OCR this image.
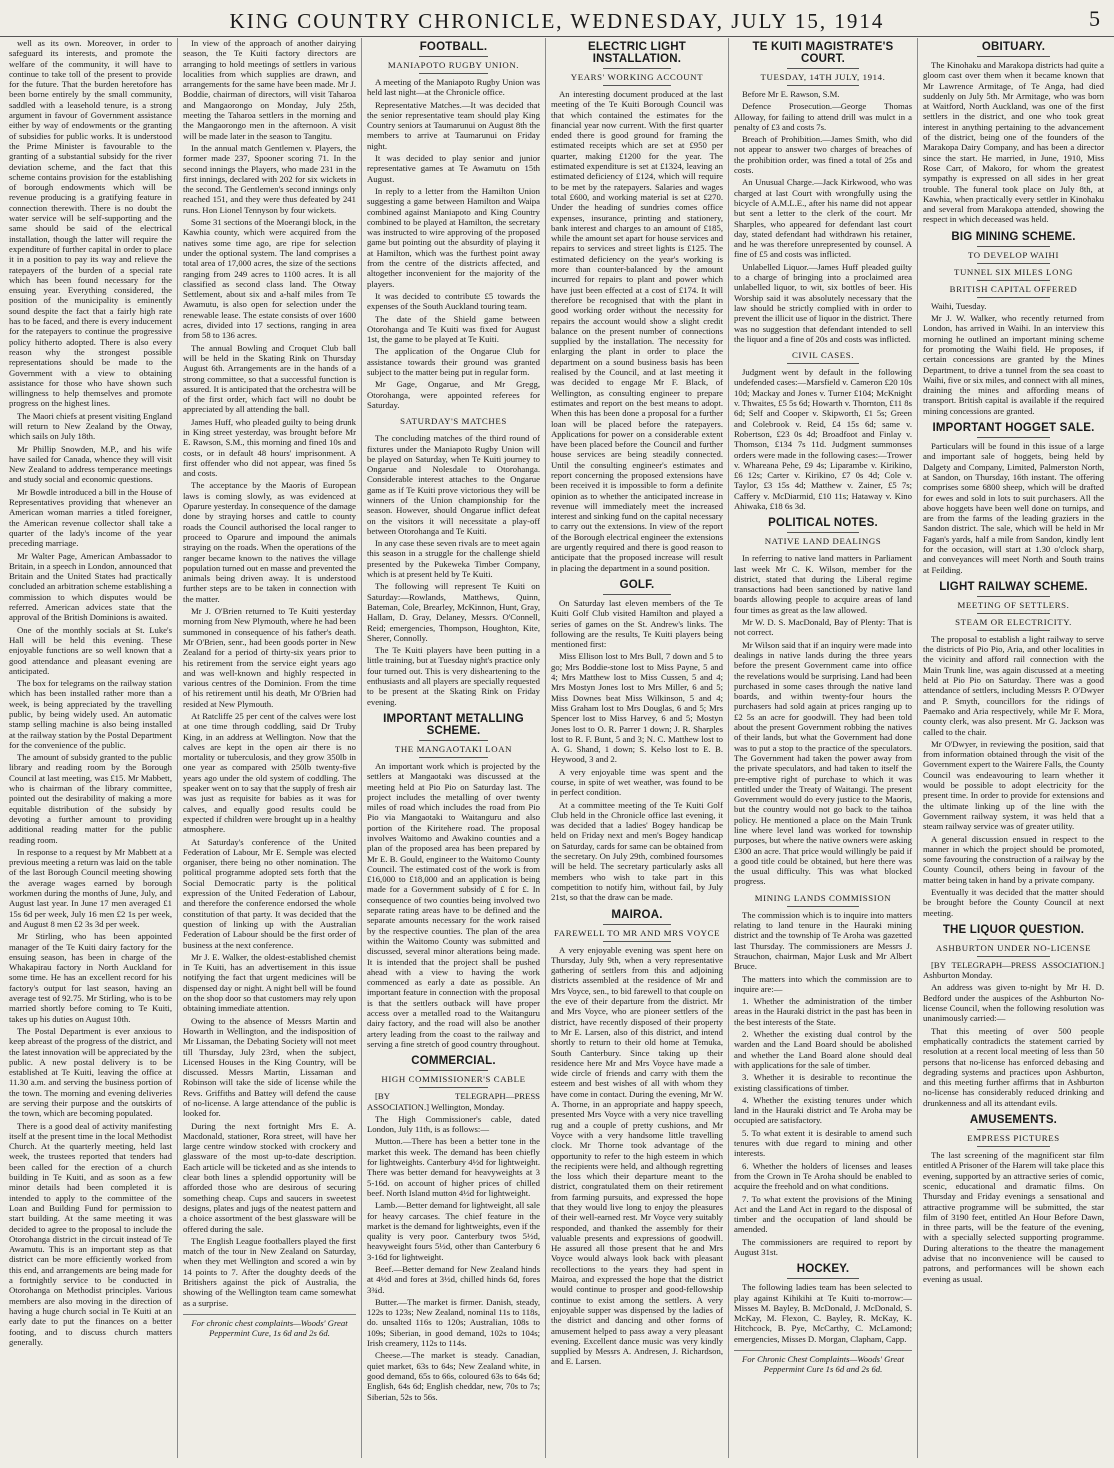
KING COUNTRY CHRONICLE, WEDNESDAY, JULY 15, 1914	5

well as its own. Moreover, in order to safeguard its interests, and promote the welfare of the community, it will have to continue to take toll of the present to provide for the future. That the burden heretofore has been borne entirely by the small community, saddled with a leasehold tenure, is a strong argument in favour of Government assistance either by way of endowments or the granting of subsidies for public works. It is understood the Prime Minister is favourable to the granting of a substantial subsidy for the river deviation scheme, and the fact that this scheme contains provision for the establishing of borough endowments which will be revenue producing is a gratifying feature in connection therewith. There is no doubt the water service will be self-supporting and the same should be said of the electrical installation, though the latter will require the expenditure of further capital in order to place it in a position to pay its way and relieve the ratepayers of the burden of a special rate which has been found necessary for the ensuing year. Everything considered, the position of the municipality is eminently sound despite the fact that a fairly high rate has to be faced, and there is every inducement for the ratepayers to continue the progressive policy hitherto adopted. There is also every reason why the strongest possible representations should be made to the Government with a view to obtaining assistance for those who have shown such willingness to help themselves and promote progress on the highest lines.

The Maori chiefs at present visiting England will return to New Zealand by the Otway, which sails on July 18th.

Mr Phillip Snowden, M.P., and his wife have sailed for Canada, whence they will visit New Zealand to address temperance meetings and study social and economic questions.

Mr Bowdle introduced a bill in the House of Representatives providing that whenever an American woman marries a titled foreigner, the American revenue collector shall take a quarter of the lady's income of the year preceding marriage.

Mr Walter Page, American Ambassador to Britain, in a speech in London, announced that Britain and the United States had practically concluded an arbitration scheme establishing a commission to which disputes would be referred. American advices state that the approval of the British Dominions is awaited.

One of the monthly socials at St. Luke's Hall will be held this evening. These enjoyable functions are so well known that a good attendance and pleasant evening are anticipated.

The box for telegrams on the railway station which has been installed rather more than a week, is being appreciated by the travelling public, by being widely used. An automatic stamp selling machine is also being installed at the railway station by the Postal Department for the convenience of the public.

The amount of subsidy granted to the public library and reading room by the Borough Council at last meeting, was £15. Mr Mabbett, who is chairman of the library committee, pointed out the desirability of making a more equitable distribution of the subsidy by devoting a further amount to providing additional reading matter for the public reading room.

In response to a request by Mr Mabbett at a previous meeting a return was laid on the table of the last Borough Council meeting showing the average wages earned by borough workmen during the months of June, July, and August last year. In June 17 men averaged £1 15s 6d per week, July 16 men £2 1s per week, and August 8 men £2 3s 3d per week.

Mr Stirling, who has been appointed manager of the Te Kuiti dairy factory for the ensuing season, has been in charge of the Whakapirau factory in North Auckland for some time. He has an excellent record for his factory's output for last season, having an average test of 92.75. Mr Stirling, who is to be married shortly before coming to Te Kuiti, takes up his duties on August 10th.

The Postal Department is ever anxious to keep abreast of the progress of the district, and the latest innovation will be appreciated by the public. A new postal delivery is to be established at Te Kuiti, leaving the office at 11.30 a.m. and serving the business portion of the town. The morning and evening deliveries are serving their purpose and the outskirts of the town, which are becoming populated.

There is a good deal of activity manifesting itself at the present time in the local Methodist Church. At the quarterly meeting, held last week, the trustees reported that tenders had been called for the erection of a church building in Te Kuiti, and as soon as a few minor details had been completed it is intended to apply to the committee of the Loan and Building Fund for permission to start building. At the same meeting it was decided to agree to the proposal to include the Otorohanga district in the circuit instead of Te Awamutu. This is an important step as that district can be more efficiently worked from this end, and arrangements are being made for a fortnightly service to be conducted in Otorohanga on Methodist principles. Various members are also moving in the direction of having a huge church social in Te Kuiti at an early date to put the finances on a better footing, and to discuss church matters generally.

In view of the approach of another dairying season, the Te Kuiti factory directors are arranging to hold meetings of settlers in various localities from which supplies are drawn, and arrangements for the same have been made. Mr J. Boddie, chairman of directors, will visit Taharoa and Mangaorongo on Monday, July 25th, meeting the Taharoa settlers in the morning and the Mangaorongo men in the afternoon. A visit will be made later in the season to Tangitu.

In the annual match Gentlemen v. Players, the former made 237, Spooner scoring 71. In the second innings the Players, who made 231 in the first innings, declared with 202 for six wickets in the second. The Gentlemen's second innings only reached 151, and they were thus defeated by 241 runs. Hon Lionel Tennyson by four wickets.

Some 31 sections of the Moerangi block, in the Kawhia county, which were acquired from the natives some time ago, are ripe for selection under the optional system. The land comprises a total area of 17,000 acres, the size of the sections ranging from 249 acres to 1100 acres. It is all classified as second class land. The Otway Settlement, about six and a-half miles from Te Awamutu, is also open for selection under the renewable lease. The estate consists of over 1600 acres, divided into 17 sections, ranging in area from 58 to 136 acres.

The annual Bowling and Croquet Club ball will be held in the Skating Rink on Thursday August 6th. Arrangements are in the hands of a strong committee, so that a successful function is assured. It is anticipated that the orchestra will be of the first order, which fact will no doubt be appreciated by all attending the ball.

James Huff, who pleaded guilty to being drunk in King street yesterday, was brought before Mr E. Rawson, S.M., this morning and fined 10s and costs, or in default 48 hours' imprisonment. A first offender who did not appear, was fined 5s and costs.

The acceptance by the Maoris of European laws is coming slowly, as was evidenced at Oparure yesterday. In consequence of the damage done by straying horses and cattle to county roads the Council authorised the local ranger to proceed to Oparure and impound the animals straying on the roads. When the operations of the ranger became known to the natives the village population turned out en masse and prevented the animals being driven away. It is understood further steps are to be taken in connection with the matter.

Mr J. O'Brien returned to Te Kuiti yesterday morning from New Plymouth, where he had been summoned in consequence of his father's death. Mr O'Brien, senr., had been goods porter in New Zealand for a period of thirty-six years prior to his retirement from the service eight years ago and was well-known and highly respected in various centres of the Dominion. From the time of his retirement until his death, Mr O'Brien had resided at New Plymouth.

At Ratcliffe 25 per cent of the calves were lost at one time through coddling, said Dr Truby King, in an address at Wellington. Now that the calves are kept in the open air there is no mortality or tuberculosis, and they grow 350lb in one year as compared with 250lb twenty-five years ago under the old system of coddling. The speaker went on to say that the supply of fresh air was just as requisite for babies as it was for calves, and equally good results could be expected if children were brought up in a healthy atmosphere.

At Saturday's conference of the United Federation of Labour, Mr E. Semple was elected organiser, there being no other nomination. The political programme adopted sets forth that the Social Democratic party is the political expression of the United Federation of Labour, and therefore the conference endorsed the whole constitution of that party. It was decided that the question of linking up with the Australian Federation of Labour should be the first order of business at the next conference.

Mr J. E. Walker, the oldest-established chemist in Te Kuiti, has an advertisement in this issue notifying the fact that urgent medicines will be dispensed day or night. A night bell will be found on the shop door so that customers may rely upon obtaining immediate attention.

Owing to the absence of Messrs Martin and Howarth in Wellington, and the indisposition of Mr Lissaman, the Debating Society will not meet till Thursday, July 23rd, when the subject, Licensed Houses in the King Country, will be discussed. Messrs Martin, Lissaman and Robinson will take the side of license while the Revs. Griffiths and Battey will defend the cause of no-license. A large attendance of the public is looked for.

During the next fortnight Mrs E. A. Macdonald, stationer, Rora street, will have her large centre window stocked with crockery and glassware of the most up-to-date description. Each article will be ticketed and as she intends to clear both lines a splendid opportunity will be afforded those who are desirous of securing something cheap. Cups and saucers in sweetest designs, plates and jugs of the neatest pattern and a choice assortment of the best glassware will be offered during the sale.

The English League footballers played the first match of the tour in New Zealand on Saturday, when they met Wellington and scored a win by 14 points to 7. After the doughty deeds of the Britishers against the pick of Australia, the showing of the Wellington team came somewhat as a surprise.

For chronic chest complaints—Woods' Great Peppermint Cure, 1s 6d and 2s 6d.
FOOTBALL.
MANIAPOTO RUGBY UNION.

A meeting of the Maniapoto Rugby Union was held last night—at the Chronicle office.

Representative Matches.—It was decided that the senior representative team should play King Country seniors at Taumarunui on August 8th the members to arrive at Taumarunui on Friday night.

It was decided to play senior and junior representative games at Te Awamutu on 15th August.

In reply to a letter from the Hamilton Union suggesting a game between Hamilton and Waipa combined against Maniapoto and King Country combined to be played at Hamilton, the secretary was instructed to wire approving of the proposed game but pointing out the absurdity of playing it at Hamilton, which was the furthest point away from the centre of the districts affected, and altogether inconvenient for the majority of the players.

It was decided to contribute £5 towards the expenses of the South Auckland touring team.

The date of the Shield game between Otorohanga and Te Kuiti was fixed for August 1st, the game to be played at Te Kuiti.

The application of the Ongarue Club for assistance towards their ground was granted subject to the matter being put in regular form.

Mr Gage, Ongarue, and Mr Gregg, Otorohanga, were appointed referees for Saturday.

SATURDAY'S MATCHES

The concluding matches of the third round of fixtures under the Maniapoto Rugby Union will be played on Saturday, when Te Kuiti journey to Ongarue and Nolesdale to Otorohanga. Considerable interest attaches to the Ongarue game as if Te Kuiti prove victorious they will be winners of the Union championship for the season. However, should Ongarue inflict defeat on the visitors it will necessitate a play-off between Otorohanga and Te Kuiti.

In any case these seven rivals are to meet again this season in a struggle for the challenge shield presented by the Pukeweka Timber Company, which is at present held by Te Kuiti.

The following will represent Te Kuiti on Saturday:—Rowlands, Matthews, Quinn, Bateman, Cole, Brearley, McKinnon, Hunt, Gray, Hallam, D. Gray, Delaney, Messrs. O'Connell, Reid; emergencies, Thompson, Houghton, Kite, Sherer, Connolly.

The Te Kuiti players have been putting in a little training, but at Tuesday night's practice only four turned out. This is very disheartening to the enthusiasts and all players are specially requested to be present at the Skating Rink on Friday evening.

IMPORTANT METALLING SCHEME.
THE MANGAOTAKI LOAN

An important work which is projected by the settlers at Mangaotaki was discussed at the meeting held at Pio Pio on Saturday last. The project includes the metalling of over twenty miles of road which includes the road from Pio Pio via Mangaotaki to Waitanguru and also portion of the Kiritehere road. The proposal involves Waitomo and Awakino counties and a plan of the proposed area has been prepared by Mr E. B. Gould, engineer to the Waitomo County Council. The estimated cost of the work is from £16,000 to £18,000 and an application is being made for a Government subsidy of £ for £. In consequence of two counties being involved two separate rating areas have to be defined and the separate amounts necessary for the work raised by the respective counties. The plan of the area within the Waitomo County was submitted and discussed, several minor alterations being made. It is intended that the project shall be pushed ahead with a view to having the work commenced as early a date as possible. An important feature in connection with the proposal is that the settlers outback will have proper access over a metalled road to the Waitanguru dairy factory, and the road will also be another artery leading from the coast to the railway and serving a fine stretch of good country throughout.

COMMERCIAL.
HIGH COMMISSIONER'S CABLE

[BY TELEGRAPH—PRESS ASSOCIATION.] Wellington, Monday.

The High Commissioner's cable, dated London, July 11th, is as follows:—

Mutton.—There has been a better tone in the market this week. The demand has been chiefly for lightweights. Canterbury 4½d for lightweight. There was better demand for heavyweights at 3 5-16d. on account of higher prices of chilled beef. North Island mutton 4½d for lightweight.

Lamb.—Better demand for lightweight, all sale for heavy carcases. The chief feature in the market is the demand for lightweights, even if the quality is very poor. Canterbury twos 5½d, heavyweight fours 5½d, other than Canterbury 6 3-16d for lightweight.

Beef.—Better demand for New Zealand hinds at 4½d and fores at 3½d, chilled hinds 6d, fores 3¾d.

Butter.—The market is firmer. Danish, steady, 122s to 123s; New Zealand, nominal 11s to 118s, do. unsalted 116s to 120s; Australian, 108s to 109s; Siberian, in good demand, 102s to 104s; Irish creamery, 112s to 114s.

Cheese.—The market is steady. Canadian, quiet market, 63s to 64s; New Zealand white, in good demand, 65s to 66s, coloured 63s to 64s 6d; English, 64s 6d; English cheddar, new, 70s to 7s; Siberian, 52s to 56s.

ELECTRIC LIGHT INSTALLATION.
YEARS' WORKING ACCOUNT

An interesting document produced at the last meeting of the Te Kuiti Borough Council was that which contained the estimates for the financial year now current. With the first quarter ended there is good ground for framing the estimated receipts which are set at £950 per quarter, making £1200 for the year. The estimated expenditure is set at £1324, leaving an estimated deficiency of £124, which will require to be met by the ratepayers. Salaries and wages total £600, and working material is set at £270. Under the heading of sundries comes office expenses, insurance, printing and stationery, bank interest and charges to an amount of £185, while the amount set apart for house services and repairs to services and street lights is £125. The estimated deficiency on the year's working is more than counter-balanced by the amount incurred for repairs to plant and power which have just been effected at a cost of £174. It will therefore be recognised that with the plant in good working order without the necessity for repairs the account would show a slight credit balance on the present number of connections supplied by the installation. The necessity for enlarging the plant in order to place the department on a sound business basis has been realised by the Council, and at last meeting it was decided to engage Mr F. Black, of Wellington, as consulting engineer to prepare estimates and report on the best means to adopt. When this has been done a proposal for a further loan will be placed before the ratepayers. Applications for power on a considerable extent have been placed before the Council and further house services are being steadily connected. Until the consulting engineer's estimates and report concerning the proposed extensions have been received it is impossible to form a definite opinion as to whether the anticipated increase in revenue will immediately meet the increased interest and sinking fund on the capital necessary to carry out the extensions. In view of the report of the Borough electrical engineer the extensions are urgently required and there is good reason to anticipate that the proposed increase will result in placing the department in a sound position.

GOLF.

On Saturday last eleven members of the Te Kuiti Golf Club visited Hamilton and played a series of games on the St. Andrew's links. The following are the results, Te Kuiti players being mentioned first:

Miss Ellison lost to Mrs Bull, 7 down and 5 to go; Mrs Boddie-stone lost to Miss Payne, 5 and 4; Mrs Matthew lost to Miss Cussen, 5 and 4; Mrs Mostyn Jones lost to Mrs Miller, 6 and 5; Miss Downes beat Miss Wilkinson, 5 and 4; Miss Graham lost to Mrs Douglas, 6 and 5; Mrs Spencer lost to Miss Harvey, 6 and 5; Mostyn Jones lost to O. R. Parrer 1 down; J. R. Sharples lost to R. F. Bunt, 5 and 3; N. C. Matthew lost to A. G. Shand, 1 down; S. Kelso lost to E. B. Heywood, 3 and 2.

A very enjoyable time was spent and the course, in spite of wet weather, was found to be in perfect condition.

At a committee meeting of the Te Kuiti Golf Club held in the Chronicle office last evening, it was decided that a ladies' Bogey handicap be held on Friday next and men's Bogey handicap on Saturday, cards for same can be obtained from the secretary. On July 29th, combined foursomes will be held. The secretary particularly asks all members who wish to take part in this competition to notify him, without fail, by July 21st, so that the draw can be made.

MAIROA.
FAREWELL TO MR AND MRS VOYCE

A very enjoyable evening was spent here on Thursday, July 9th, when a very representative gathering of settlers from this and adjoining districts assembled at the residence of Mr and Mrs Voyce, sen., to bid farewell to that couple on the eve of their departure from the district. Mr and Mrs Voyce, who are pioneer settlers of the district, have recently disposed of their property to Mr E. Larsen, also of this district, and intend shortly to return to their old home at Temuka, South Canterbury. Since taking up their residence here Mr and Mrs Voyce have made a wide circle of friends and carry with them the esteem and best wishes of all with whom they have come in contact. During the evening, Mr W. A. Thorne, in an appropriate and happy speech, presented Mrs Voyce with a very nice travelling rug and a couple of pretty cushions, and Mr Voyce with a very handsome little travelling clock. Mr Thorne took advantage of the opportunity to refer to the high esteem in which the recipients were held, and although regretting the loss which their departure meant to the district, congratulated them on their retirement from farming pursuits, and expressed the hope that they would live long to enjoy the pleasures of their well-earned rest. Mr Voyce very suitably responded, and thanked the assembly for their valuable presents and expressions of goodwill. He assured all those present that he and Mrs Voyce would always look back with pleasant recollections to the years they had spent in Mairoa, and expressed the hope that the district would continue to prosper and good-fellowship continue to exist among the settlers. A very enjoyable supper was dispensed by the ladies of the district and dancing and other forms of amusement helped to pass away a very pleasant evening. Excellent dance music was very kindly supplied by Messrs A. Andresen, J. Richardson, and E. Larsen.

TE KUITI MAGISTRATE'S COURT.
TUESDAY, 14TH JULY, 1914.

Before Mr E. Rawson, S.M.

Defence Prosecution.—George Thomas Alloway, for failing to attend drill was mulct in a penalty of £3 and costs 7s.

Breach of Prohibition.—James Smith, who did not appear to answer two charges of breaches of the prohibition order, was fined a total of 25s and costs.

An Unusual Charge.—Jack Kirkwood, who was charged at last Court with wrongfully using the bicycle of A.M.L.E., after his name did not appear but sent a letter to the clerk of the court. Mr Sharples, who appeared for defendant last court day, stated defendant had withdrawn his retainer, and he was therefore unrepresented by counsel. A fine of £5 and costs was inflicted.

Unlabelled Liquor.—James Huff pleaded guilty to a charge of bringing into a proclaimed area unlabelled liquor, to wit, six bottles of beer. His Worship said it was absolutely necessary that the law should be strictly complied with in order to prevent the illicit use of liquor in the district. There was no suggestion that defendant intended to sell the liquor and a fine of 20s and costs was inflicted.

CIVIL CASES.

Judgment went by default in the following undefended cases:—Marsfield v. Cameron £20 10s 10d; Mackay and Jones v. Turner £104; McKnight v. Thwaites, £5 5s 6d; Howarth v. Thornton, £11 8s 6d; Self and Cooper v. Skipworth, £1 5s; Green and Colebrook v. Reid, £4 15s 6d; same v. Robertson, £23 0s 4d; Broadfoot and Finlay v. Thomson, £134 7s 11d. Judgment summonses orders were made in the following cases:—Trower v. Whareana Pehe, £9 4s; Liparambe v. Kirikino, £6 12s; Carter v. Kirikino, £7 0s 4d; Cole v. Taylor, £3 15s 4d; Matthew v. Zainer, £5 7s; Caffery v. McDiarmid, £10 11s; Hataway v. Kino Ahiwaka, £18 6s 3d.

POLITICAL NOTES.
NATIVE LAND DEALINGS

In referring to native land matters in Parliament last week Mr C. K. Wilson, member for the district, stated that during the Liberal regime transactions had been sanctioned by native land boards allowing people to acquire areas of land four times as great as the law allowed.

Mr W. D. S. MacDonald, Bay of Plenty: That is not correct.

Mr Wilson said that if an inquiry were made into dealings in native lands during the three years before the present Government came into office the revelations would be surprising. Land had been purchased in some cases through the native land boards, and within twenty-four hours the purchasers had sold again at prices ranging up to £2 5s an acre for goodwill. They had been told about the present Government robbing the natives of their lands, but what the Government had done was to put a stop to the practice of the speculators. The Government had taken the power away from the private speculators, and had taken to itself the pre-emptive right of purchase to which it was entitled under the Treaty of Waitangi. The present Government would do every justice to the Maoris, but the country would not go back to the taihoa policy. He mentioned a place on the Main Trunk line where level land was worked for township purposes, but where the native owners were asking £300 an acre. That price would willingly be paid if a good title could be obtained, but here there was the usual difficulty. This was what blocked progress.

MINING LANDS COMMISSION

The commission which is to inquire into matters relating to land tenure in the Hauraki mining district and the township of Te Aroha was gazetted last Thursday. The commissioners are Messrs J. Strauchon, chairman, Major Lusk and Mr Albert Bruce.

The matters into which the commission are to inquire are:—

1. Whether the administration of the timber areas in the Hauraki district in the past has been in the best interests of the State.

2. Whether the existing dual control by the warden and the Land Board should be abolished and whether the Land Board alone should deal with applications for the sale of timber.

3. Whether it is desirable to recontinue the existing classifications of timber.

4. Whether the existing tenures under which land in the Hauraki district and Te Aroha may be occupied are satisfactory.

5. To what extent it is desirable to amend such tenures with due regard to mining and other interests.

6. Whether the holders of licenses and leases from the Crown in Te Aroha should be enabled to acquire the freehold and on what conditions.

7. To what extent the provisions of the Mining Act and the Land Act in regard to the disposal of timber and the occupation of land should be amended.

The commissioners are required to report by August 31st.

HOCKEY.

The following ladies team has been selected to play against Kihikihi at Te Kuiti to-morrow:—Misses M. Bayley, B. McDonald, J. McDonald, S. McKay, M. Flexon, C. Bayley, R. McKay, K. Hitchcock, B. Pye, McCarthy, C. McLamond; emergencies, Misses D. Morgan, Clapham, Capp.

For Chronic Chest Complaints—Woods' Great Peppermint Cure 1s 6d and 2s 6d.
OBITUARY.

The Kinohaku and Marakopa districts had quite a gloom cast over them when it became known that Mr Lawrence Armitage, of Te Anga, had died suddenly on July 5th. Mr Armitage, who was born at Waitford, North Auckland, was one of the first settlers in the district, and one who took great interest in anything pertaining to the advancement of the district, being one of the founders of the Marakopa Dairy Company, and has been a director since the start. He married, in June, 1910, Miss Rose Carr, of Makoro, for whom the greatest sympathy is expressed on all sides in her great trouble. The funeral took place on July 8th, at Kawhia, when practically every settler in Kinohaku and several from Marakopa attended, showing the respect in which deceased was held.

BIG MINING SCHEME.
TO DEVELOP WAIHI
TUNNEL SIX MILES LONG
BRITISH CAPITAL OFFERED

Waihi, Tuesday.

Mr J. W. Walker, who recently returned from London, has arrived in Waihi. In an interview this morning he outlined an important mining scheme for promoting the Waihi field. He proposes, if certain concessions are granted by the Mines Department, to drive a tunnel from the sea coast to Waihi, five or six miles, and connect with all mines, draining the mines and affording means of transport. British capital is available if the required mining concessions are granted.

IMPORTANT HOGGET SALE.

Particulars will be found in this issue of a large and important sale of hoggets, being held by Dalgety and Company, Limited, Palmerston North, at Sandon, on Thursday, 16th instant. The offering comprises some 6800 sheep, which will be drafted for ewes and sold in lots to suit purchasers. All the above hoggets have been well done on turnips, and are from the farms of the leading graziers in the Sandon district. The sale, which will be held in Mr Fagan's yards, half a mile from Sandon, kindly lent for the occasion, will start at 1.30 o'clock sharp, and conveyances will meet North and South trains at Feilding.

LIGHT RAILWAY SCHEME.
MEETING OF SETTLERS.
STEAM OR ELECTRICITY.

The proposal to establish a light railway to serve the districts of Pio Pio, Aria, and other localities in the vicinity and afford rail connection with the Main Trunk line, was again discussed at a meeting held at Pio Pio on Saturday. There was a good attendance of settlers, including Messrs P. O'Dwyer and P. Smyth, councillors for the ridings of Paemako and Aria respectively, while Mr F. Mora, county clerk, was also present. Mr G. Jackson was called to the chair.

Mr O'Dwyer, in reviewing the position, said that from information obtained through the visit of the Government expert to the Wairere Falls, the County Council was endeavouring to learn whether it would be possible to adopt electricity for the present time. In order to provide for extensions and the ultimate linking up of the line with the Government railway system, it was held that a steam railway service was of greater utility.

A general discussion ensued in respect to the manner in which the project should be promoted, some favouring the construction of a railway by the County Council, others being in favour of the matter being taken in hand by a private company.

Eventually it was decided that the matter should be brought before the County Council at next meeting.

THE LIQUOR QUESTION.
ASHBURTON UNDER NO-LICENSE

[BY TELEGRAPH—PRESS ASSOCIATION.] Ashburton Monday.

An address was given to-night by Mr H. D. Bedford under the auspices of the Ashburton No-license Council, when the following resolution was unanimously carried:—

That this meeting of over 500 people emphatically contradicts the statement carried by resolution at a recent local meeting of less than 50 persons that no-license has enforced debasing and degrading systems and practices upon Ashburton, and this meeting further affirms that in Ashburton no-license has considerably reduced drinking and drunkenness and all its attendant evils.

AMUSEMENTS.
EMPRESS PICTURES

The last screening of the magnificent star film entitled A Prisoner of the Harem will take place this evening, supported by an attractive series of comic, scenic, educational and dramatic films. On Thursday and Friday evenings a sensational and attractive programme will be submitted, the star film of 3190 feet, entitled An Hour Before Dawn, in three parts, will be the feature of the evening, with a specially selected supporting programme. During alterations to the theatre the management advise that no inconvenience will be caused to patrons, and performances will be shown each evening as usual.
